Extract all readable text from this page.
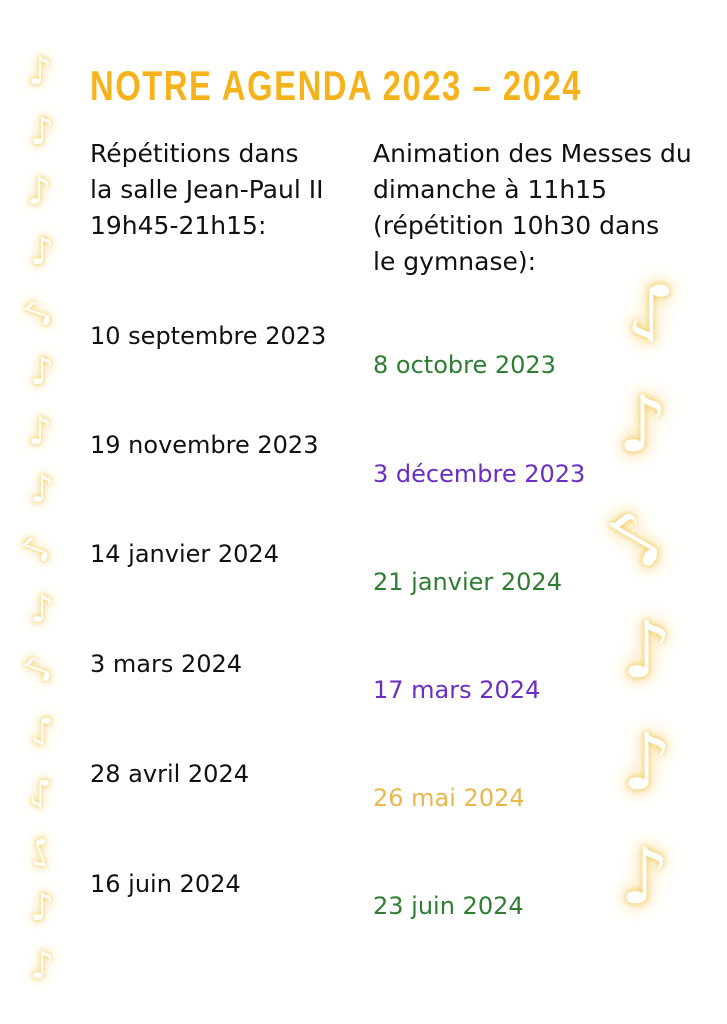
NOTRE AGENDA 2023 – 2024
Répétitions dans
la salle Jean-Paul II
19h45-21h15:
Animation des Messes du
dimanche à 11h15
(répétition 10h30 dans
le gymnase):
10 septembre 2023
19 novembre 2023
14 janvier 2024
3 mars 2024
28 avril 2024
16 juin 2024
8 octobre 2023
3 décembre 2023
21 janvier 2024
17 mars 2024
26 mai 2024
23 juin 2024
♪
♪
♪
♪
♪
♪
♪
♪
♪
♪
♪
♪
♪
♪
♪
♪
♪
♪
♪
♪
♪
♪
